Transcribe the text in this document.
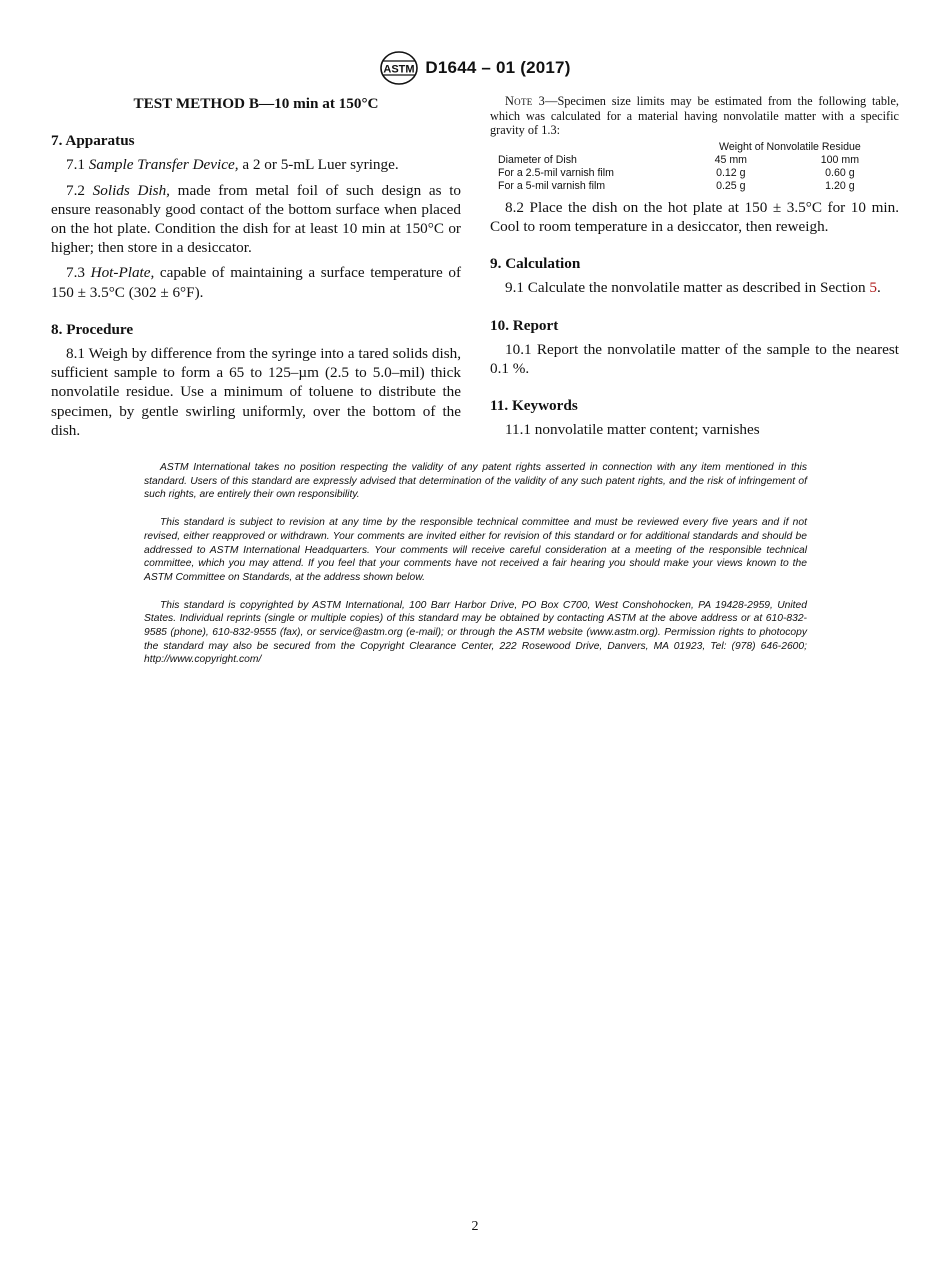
ASTM D1644 – 01 (2017)
TEST METHOD B—10 min at 150°C
7. Apparatus

7.1 Sample Transfer Device, a 2 or 5-mL Luer syringe.

7.2 Solids Dish, made from metal foil of such design as to ensure reasonably good contact of the bottom surface when placed on the hot plate. Condition the dish for at least 10 min at 150°C or higher; then store in a desiccator.

7.3 Hot-Plate, capable of maintaining a surface temperature of 150 ± 3.5°C (302 ± 6°F).

8. Procedure

8.1 Weigh by difference from the syringe into a tared solids dish, sufficient sample to form a 65 to 125–µm (2.5 to 5.0–mil) thick nonvolatile residue. Use a minimum of toluene to distribute the specimen, by gentle swirling uniformly, over the bottom of the dish.

Note 3—Specimen size limits may be estimated from the following table, which was calculated for a material having nonvolatile matter with a specific gravity of 1.3:

	Weight of Nonvolatile Residue	
Diameter of Dish	45 mm	100 mm
For a 2.5-mil varnish film	0.12 g	0.60 g
For a 5-mil varnish film	0.25 g	1.20 g

8.2 Place the dish on the hot plate at 150 ± 3.5°C for 10 min. Cool to room temperature in a desiccator, then reweigh.

9. Calculation

9.1 Calculate the nonvolatile matter as described in Section 5.

10. Report

10.1 Report the nonvolatile matter of the sample to the nearest 0.1 %.

11. Keywords

11.1 nonvolatile matter content; varnishes

ASTM International takes no position respecting the validity of any patent rights asserted in connection with any item mentioned in this standard. Users of this standard are expressly advised that determination of the validity of any such patent rights, and the risk of infringement of such rights, are entirely their own responsibility.

This standard is subject to revision at any time by the responsible technical committee and must be reviewed every five years and if not revised, either reapproved or withdrawn. Your comments are invited either for revision of this standard or for additional standards and should be addressed to ASTM International Headquarters. Your comments will receive careful consideration at a meeting of the responsible technical committee, which you may attend. If you feel that your comments have not received a fair hearing you should make your views known to the ASTM Committee on Standards, at the address shown below.

This standard is copyrighted by ASTM International, 100 Barr Harbor Drive, PO Box C700, West Conshohocken, PA 19428-2959, United States. Individual reprints (single or multiple copies) of this standard may be obtained by contacting ASTM at the above address or at 610-832-9585 (phone), 610-832-9555 (fax), or service@astm.org (e-mail); or through the ASTM website (www.astm.org). Permission rights to photocopy the standard may also be secured from the Copyright Clearance Center, 222 Rosewood Drive, Danvers, MA 01923, Tel: (978) 646-2600; http://www.copyright.com/

2
